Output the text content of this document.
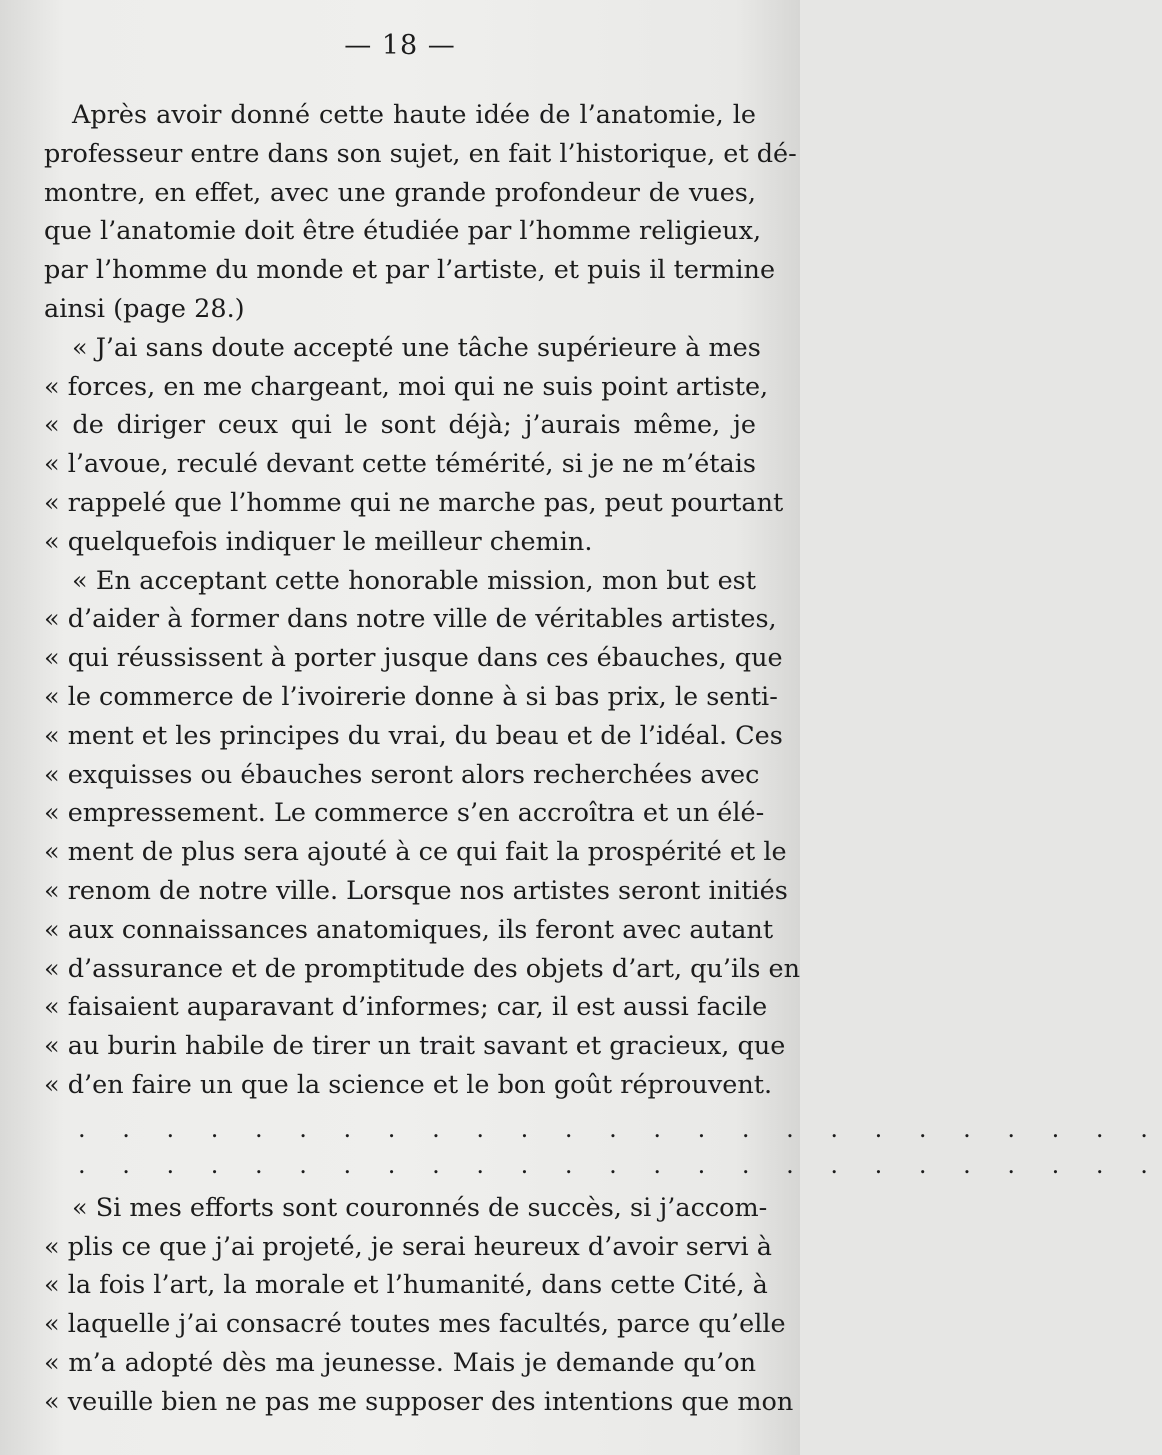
— 18 —
Après avoir donné cette haute idée de l’anatomie, le
professeur entre dans son sujet, en fait l’historique, et dé-
montre, en effet, avec une grande profondeur de vues,
que l’anatomie doit être étudiée par l’homme religieux,
par l’homme du monde et par l’artiste, et puis il termine
ainsi (page 28.)
« J’ai sans doute accepté une tâche supérieure à mes
« forces, en me chargeant, moi qui ne suis point artiste,
« de diriger ceux qui le sont déjà; j’aurais même, je
« l’avoue, reculé devant cette témérité, si je ne m’étais
« rappelé que l’homme qui ne marche pas, peut pourtant
« quelquefois indiquer le meilleur chemin.
« En acceptant cette honorable mission, mon but est
« d’aider à former dans notre ville de véritables artistes,
« qui réussissent à porter jusque dans ces ébauches, que
« le commerce de l’ivoirerie donne à si bas prix, le senti-
« ment et les principes du vrai, du beau et de l’idéal. Ces
« exquisses ou ébauches seront alors recherchées avec
« empressement. Le commerce s’en accroîtra et un élé-
« ment de plus sera ajouté à ce qui fait la prospérité et le
« renom de notre ville. Lorsque nos artistes seront initiés
« aux connaissances anatomiques, ils feront avec autant
« d’assurance et de promptitude des objets d’art, qu’ils en
« faisaient auparavant d’informes; car, il est aussi facile
« au burin habile de tirer un trait savant et gracieux, que
« d’en faire un que la science et le bon goût réprouvent.
. . . . . . . . . . . . . . . . . . . . . . . . .
. . . . . . . . . . . . . . . . . . . . . . . . .
« Si mes efforts sont couronnés de succès, si j’accom-
« plis ce que j’ai projeté, je serai heureux d’avoir servi à
« la fois l’art, la morale et l’humanité, dans cette Cité, à
« laquelle j’ai consacré toutes mes facultés, parce qu’elle
« m’a adopté dès ma jeunesse. Mais je demande qu’on
« veuille bien ne pas me supposer des intentions que mon
